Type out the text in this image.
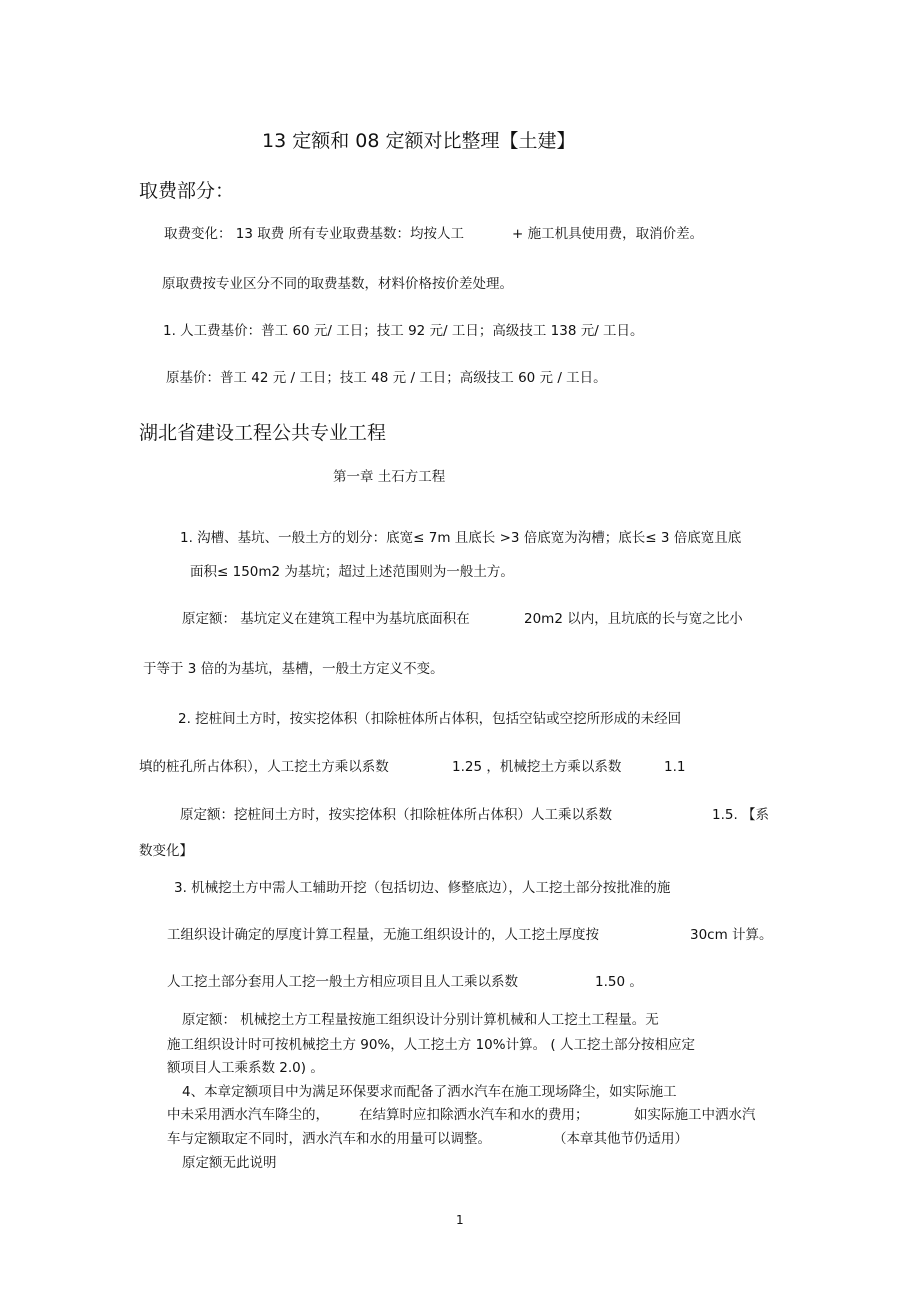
13 定额和 08 定额对比整理【土建】
取费部分：
取费变化： 13 取费 所有专业取费基数：均按人工	+ 施工机具使用费，取消价差。
原取费按专业区分不同的取费基数，材料价格按价差处理。
1. 人工费基价：普工 60 元/ 工日；技工 92 元/ 工日；高级技工 138 元/ 工日。
原基价：普工 42 元 / 工日；技工 48 元 / 工日；高级技工 60 元 / 工日。
湖北省建设工程公共专业工程
第一章 土石方工程
1. 沟槽、基坑、一般土方的划分：底宽≤ 7m 且底长 >3 倍底宽为沟槽；底长≤ 3 倍底宽且底
面积≤ 150m2 为基坑；超过上述范围则为一般土方。
原定额： 基坑定义在建筑工程中为基坑底面积在	20m2 以内，且坑底的长与宽之比小
于等于 3 倍的为基坑，基槽，一般土方定义不变。
2. 挖桩间土方时，按实挖体积（扣除桩体所占体积，包括空钻或空挖所形成的未经回
填的桩孔所占体积），人工挖土方乘以系数	1.25 ，机械挖土方乘以系数	1.1
原定额：挖桩间土方时，按实挖体积（扣除桩体所占体积）人工乘以系数	1.5. 【系
数变化】
3. 机械挖土方中需人工辅助开挖（包括切边、修整底边），人工挖土部分按批准的施
工组织设计确定的厚度计算工程量，无施工组织设计的，人工挖土厚度按	30cm 计算。
人工挖土部分套用人工挖一般土方相应项目且人工乘以系数	1.50 。
原定额： 机械挖土方工程量按施工组织设计分别计算机械和人工挖土工程量。无
施工组织设计时可按机械挖土方 90%，人工挖土方 10%计算。 ( 人工挖土部分按相应定
额项目人工乘系数 2.0) 。
4、本章定额项目中为满足环保要求而配备了洒水汽车在施工现场降尘，如实际施工
中未采用洒水汽车降尘的， 在结算时应扣除洒水汽车和水的费用；	如实际施工中洒水汽
车与定额取定不同时，洒水汽车和水的用量可以调整。	（本章其他节仍适用）
原定额无此说明
1
